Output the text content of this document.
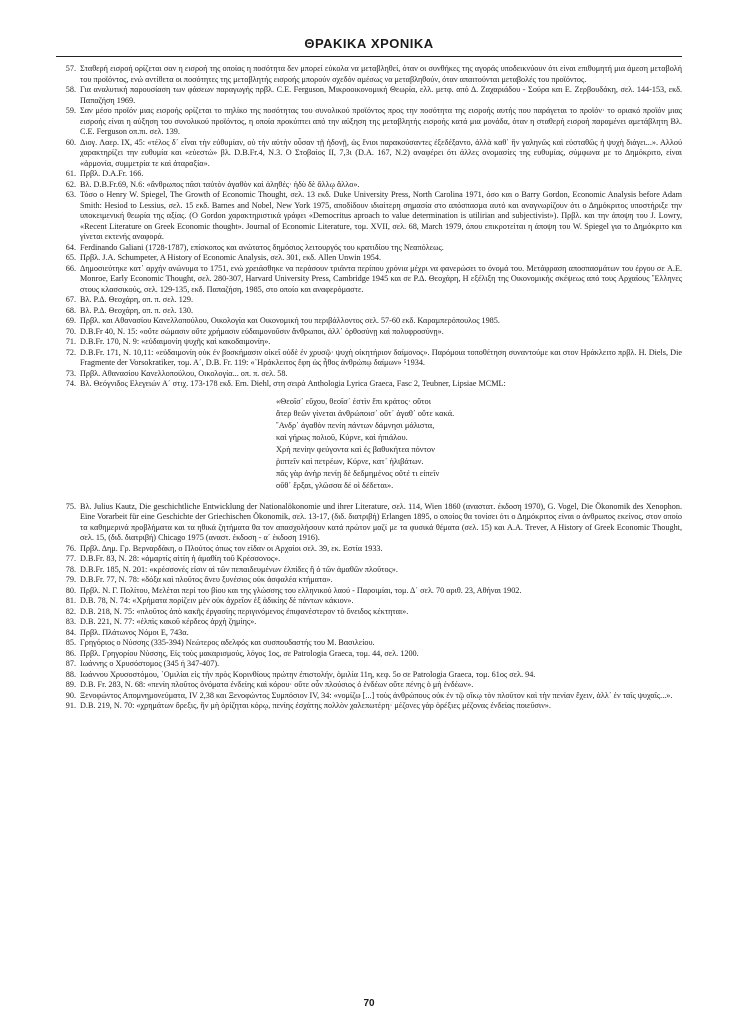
ΘΡΑΚΙΚΑ ΧΡΟΝΙΚΑ
57. Σταθερή εισροή ορίζεται σαν η εισροή της οποίας η ποσότητα δεν μπορεί εύκολα να μεταβληθεί, όταν οι συνθήκες της αγοράς υποδεικνύουν ότι είναι επιθυμητή μια άμεση μεταβολή του προϊόντος, ενώ αντίθετα οι ποσότητες της μεταβλητής εισροής μπορούν σχεδόν αμέσως να μεταβληθούν, όταν απαιτούνται μεταβολές του προϊόντος.
58. Για αναλυτική παρουσίαση των φάσεων παραγωγής πρβλ. C.E. Ferguson, Μικροοικονομική Θεωρία, ελλ. μετφ. από Δ. Ζαχαριάδου - Σούρα και Ε. Ζερβουδάκη, σελ. 144-153, εκδ. Παπαζήση 1969.
59. Σαν μέσο προϊόν μιας εισροής ορίζεται το πηλίκο της ποσότητας του συνολικού προϊόντος προς την ποσότητα της εισροής αυτής που παράγεται το προϊόν· το οριακό προϊόν μιας εισροής είναι η αύξηση του συνολικού προϊόντος, η οποία προκύπτει από την αύξηση της μεταβλητής εισροής κατά μια μονάδα, όταν η σταθερή εισροή παραμένει αμετάβλητη Βλ. C.E. Ferguson οπ.πι. σελ. 139.
60. Διογ. Λαερ. IX, 45: «τέλος δ᾽ εἶναι τὴν εὐθυμίαν, οὐ τὴν αὐτὴν οὖσαν τῇ ἡδονῇ, ὡς ἔνιοι παρακούσαντες ἐξεδέξαντο, ἀλλὰ καθ᾽ ἣν γαληνῶς καὶ εὐσταθῶς ἡ ψυχὴ διάγει...». Αλλού χαρακτηρίζει την ευθυμία και «εὐεστώ» βλ. D.B.Fr.4, N.3. Ο Στοβαίος II, 7,3ι (D.A. 167, N.2) αναφέρει ότι άλλες ονομασίες της ευθυμίας, σύμφωνα με το Δημόκριτο, είναι «ἁρμονία, συμμετρία τε καὶ ἀταραξία».
61. Πρβλ. D.A.Fr. 166.
62. Βλ. D.B.Fr.69, N.6: «ἄνθρωπος πᾶσι ταὐτὸν ἀγαθὸν καὶ ἀληθές· ἡδὺ δὲ ἄλλῳ ἄλλο».
63. Τόσο ο Henry W. Spiegel, The Growth of Economic Thought, σελ. 13 εκδ. Duke University Press, North Carolina 1971, όσο και ο Barry Gordon, Economic Analysis before Adam Smith: Hesiod to Lessius, σελ. 15 εκδ. Barnes and Nobel, New York 1975, αποδίδουν ιδιαίτερη σημασία στο απόσπασμα αυτό και αναγνωρίζουν ότι ο Δημόκριτος υποστήριξε την υποκειμενική θεωρία της αξίας. (O Gordon χαρακτηριστικά γράφει «Democritus aproach to value determination is utilirian and subjectivist»). Πρβλ. και την άποψη του J. Lowry, «Recent Literature on Greek Economic thought». Journal of Economic Literature, τομ. XVII, σελ. 68, March 1979, όπου επικροτείται η άποψη του W. Spiegel για το Δημόκριτο και γίνεται εκτενής αναφορά.
64. Ferdinando Galiani (1728-1787), επίσκοπος και ανώτατος δημόσιος λειτουργός του κρατιδίου της Νεαπόλεως.
65. Πρβλ. J.A. Schumpeter, A History of Economic Analysis, σελ. 301, εκδ. Allen Unwin 1954.
66. Δημοσιεύτηκε κατ᾽ αρχήν ανώνυμα το 1751, ενώ χρειάσθηκε να περάσουν τριάντα περίπου χρόνια μέχρι να φανερώσει το όνομά του. Μετάφραση αποσπασμάτων του έργου σε A.E. Monroe, Early Economic Thought, σελ. 280-307, Harvard University Press, Cambridge 1945 και σε Ρ.Δ. Θεοχάρη, Η εξέλιξη της Οικονομικής σκέψεως από τους Αρχαίους ῞Ελληνες στους κλασσικούς, σελ. 129-135, εκδ. Παπαζήση, 1985, στο οποίο και αναφερόμαστε.
67. Βλ. Ρ.Δ. Θεοχάρη, οπ. π. σελ. 129.
68. Βλ. Ρ.Δ. Θεοχάρη, οπ. π. σελ. 130.
69. Πρβλ. και Αθανασίου Κανελλοπούλου, Οικολογία και Οικονομική του περιβάλλοντος σελ. 57-60 εκδ. Καραμπερόπουλος 1985.
70. D.B.Fr 40, N. 15: «οὔτε σώμασιν οὔτε χρήμασιν εὐδαιμονοῦσιν ἄνθρωποι, ἀλλ᾽ ὀρθοσύνῃ καὶ πολυφροσύνῃ».
71. D.B.Fr. 170, N. 9: «εὐδαιμονίη ψυχῆς καὶ κακοδαιμονίη».
72. D.B.Fr. 171, N. 10,11: «εὐδαιμονίη οὐκ ἐν βοσκήμασιν οἰκεῖ οὐδὲ ἐν χρυσῷ· ψυχὴ οἰκητήριον δαίμονος». Παρόμοια τοποθέτηση συναντούμε και στον Ηράκλειτο πρβλ. H. Diels, Die Fragmente der Vorsokratiker, τομ. Α΄, D.B. Fr. 119: «῾Ηράκλειτος ἔφη ὡς ἦθος ἀνθρώπῳ δαίμων» ⁵1934.
73. Πρβλ. Αθανασίου Κανελλοπούλου, Οικολογία... οπ. π. σελ. 58.
74. Βλ. Θεόγνιδος Ελεγειών Α΄ στιχ. 173-178 εκδ. Ern. Diehl, στη σειρά Anthologia Lyrica Graeca, Fasc 2, Teubner, Lipsiae MCML:
«Θεοῖσ᾽ εὔχου, θεοῖσ᾽ ἐστὶν ἔπι κράτος· οὔτοι
ἄτερ θεῶν γίνεται ἀνθρώποισ᾽ οὔτ᾽ ἀγαθ᾽ οὔτε κακά.
῎Ανδρ᾽ ἀγαθὸν πενίη πάντων δάμνησι μάλιστα,
καὶ γήρως πολιοῦ, Κύρνε, καὶ ἠπιάλου.
Χρὴ πενίην φεύγοντα καὶ ἐς βαθυκήτεα πόντον
ῥιπτεῖν καὶ πετρέων, Κύρνε, κατ᾽ ἠλιβάτων.
πᾶς γὰρ ἀνὴρ πενίῃ δὲ δεδμημένος οὔτέ τι εἰπεῖν
οὔθ᾽ ἔρξαι, γλῶσσα δέ οἱ δέδεται».
75. Βλ. Julius Kautz, Die geschichtliche Entwicklung der Nationalökonomie und ihrer Literature, σελ. 114, Wien 1860 (αναστατ. έκδοση 1970), G. Vogel, Die Ökonomik des Xenophon. Eine Vorarbeit für eine Geschichte der Griechischen Ökonomik, σελ. 13-17, (διδ. διατριβή) Erlangen 1895, ο οποίος θα τονίσει ότι ο Δημόκριτος είναι ο άνθρωπος εκείνος, στον οποίο τα καθημερινά προβλήματα και τα ηθικά ζητήματα θα τον απασχολήσουν κατά πρώτον μαζί με τα φυσικά θέματα (σελ. 15) και A.A. Trever, A History of Greek Economic Thought, σελ. 15, (διδ. διατριβή) Chicago 1975 (αναστ. έκδοση - α΄ έκδοση 1916).
76. Πρβλ. Δημ. Γρ. Βερναρδάκη, ο Πλούτος όπως τον είδαν οι Αρχαίοι σελ. 39, εκ. Εστία 1933.
77. D.B.Fr. 83, N. 28: «ἁμαρτίς αἰτίη ἡ ἀμαθίη τοῦ Κρέσσονος».
78. D.B.Fr. 185, N. 201: «κρέσσονές εἰσιν αἱ τῶν πεπαιδευμένων ἐλπίδες ἢ ὁ τῶν ἀμαθῶν πλοῦτος».
79. D.B.Fr. 77, N. 78: «δόξα καὶ πλοῦτος ἄνευ ξυνέσιος οὐκ ἀσφαλέα κτήματα».
80. Πρβλ. Ν. Γ. Πολίτου, Μελέται περί του βίου και της γλώσσης του ελληνικού λαού - Παροιμίαι, τομ. Δ΄ σελ. 70 αριθ. 23, Αθήναι 1902.
81. D.B. 78, N. 74: «Χρήματα πορίζειν μὲν οὐκ ἀχρεῖον ἐξ ἀδικίης δὲ πάντων κάκιον».
82. D.B. 218, N. 75: «πλοῦτος ἀπὸ κακῆς ἐργασίης περιγινόμενος ἐπιφανέστερον τὸ ὄνειδος κέκτηται».
83. D.B. 221, N. 77: «ἐλπὶς κακοῦ κέρδεος ἀρχὴ ζημίης».
84. Πρβλ. Πλάτωνος Νόμοι Ε, 743α.
85. Γρηγόριος ο Νύσσης (335-394) Νεώτερος αδελφός και συσπουδαστής του Μ. Βασιλείου.
86. Πρβλ. Γρηγορίου Νύσσης, Εἰς τοὺς μακαρισμούς, λόγος 1ος, σε Patrologia Graeca, τομ. 44, σελ. 1200.
87. Ιωάννης ο Χρυσόστομος (345 ή 347-407).
88. Ιωάννου Χρυσοστόμου, ῾Ομιλίαι εἰς τὴν πρὸς Κορινθίους πρώτην ἐπιστολήν, ὁμιλία 11η, κεφ. 5ο σε Patrologia Graeca, τομ. 61ος σελ. 94.
89. D.B. Fr. 283, N. 68: «πενίη πλοῦτος ὀνόματα ἐνδείης καὶ κόρου· οὔτε οὖν πλούσιος ὁ ἐνδέων οὔτε πένης ὁ μὴ ἐνδέων».
90. Ξενοφώντος Απομνημονεύματα, IV 2,38 και Ξενοφώντος Συμπόσιον IV, 34: «νομίζω [...] τοὺς ἀνθρώπους οὐκ ἐν τῷ οἴκῳ τὸν πλοῦτον καὶ τὴν πενίαν ἔχειν, ἀλλ᾽ ἐν ταῖς ψυχαῖς...».
91. D.B. 219, N. 70: «χρημάτων ὄρεξις, ἣν μὴ ὁρίζηται κόρῳ, πενίης ἐσχάτης πολλὸν χαλεπωτέρη· μέζονες γὰρ ὀρέξιες μέζονας ἐνδείας ποιεῦσιν».
70
